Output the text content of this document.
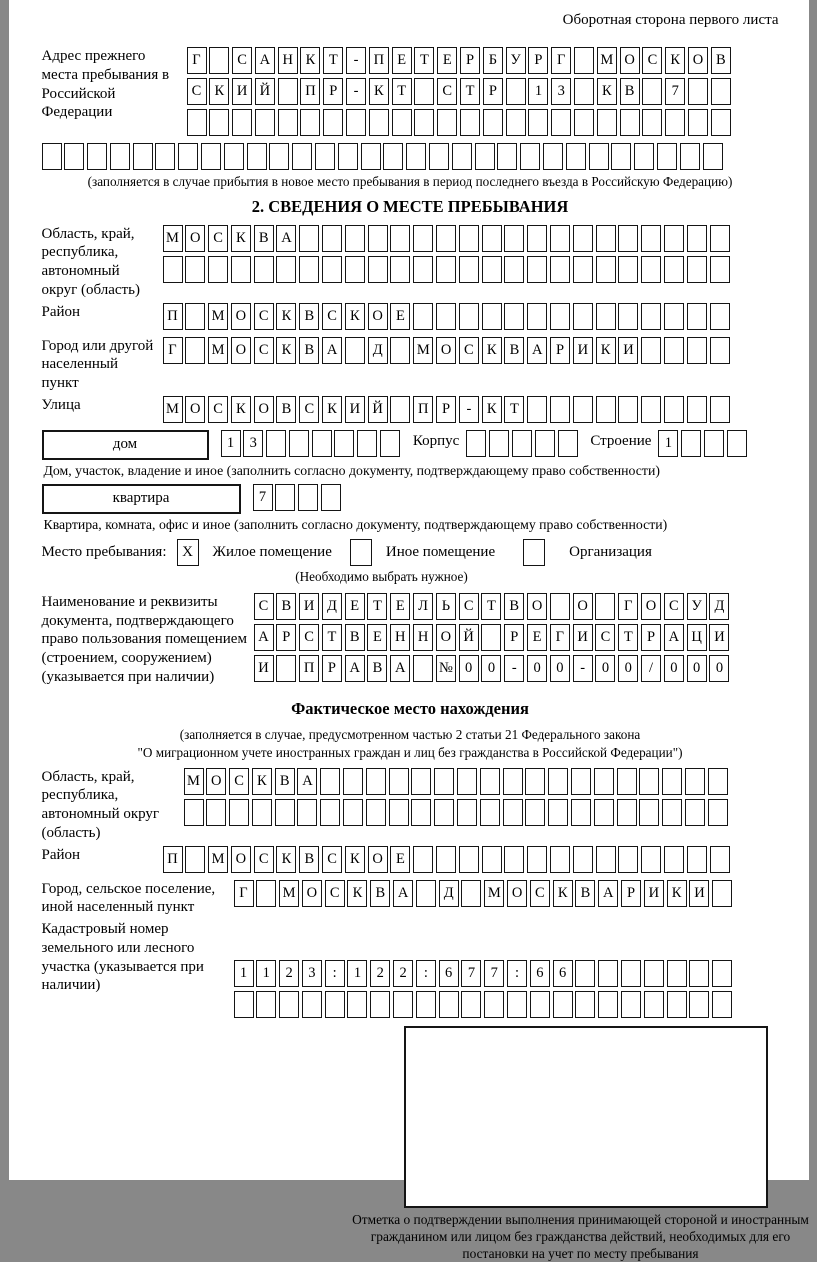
Оборотная сторона первого листа
Адрес прежнего места пребывания в Российской Федерации
Г	С А Н К Т	-	П Е Т Е Р	Б У Р	Г	М О С К О В
С К И Й	П Р	-	К Т	С Т Р	1	3	К В	7
(заполняется в случае прибытия в новое место пребывания в период последнего въезда в Российскую Федерацию)
2. СВЕДЕНИЯ О МЕСТЕ ПРЕБЫВАНИЯ
Область, край, республика, автономный округ (область)
М О С К В А
Район	П	М О С К В С К О Е
Город или другой населенный пункт
Г	М О С К В А	Д	М О С К В А Р И К И
Улица	М О С К О В С К И Й	П Р	-	К Т
дом	1	3	Корпус	Строение 1
Дом, участок, владение и иное (заполнить согласно документу, подтверждающему право собственности)
квартира	7
Квартира, комната, офис и иное (заполнить согласно документу, подтверждающему право собственности)
Место пребывания:	X	Жилое помещение	Иное помещение	Организация
(Необходимо выбрать нужное)
Наименование и реквизиты документа, подтверждающего право пользования помещением (строением, сооружением) (указывается при наличии)
С В И Д Е Т Е Л Ь С Т В О	О	Г О С У Д
А Р С Т В Е Н Н О Й	Р Е Г И С Т Р А Ц И
И	П Р А В А	№ 0	0	-	0	0	-	0	0	/	0	0	0
Фактическое место нахождения
(заполняется в случае, предусмотренном частью 2 статьи 21 Федерального закона
"О миграционном учете иностранных граждан и лиц без гражданства в Российской Федерации")
Область, край, республика, автономный округ (область)
М О С К В А
Район	П	М О С К В С К О Е
Город, сельское поселение, иной населенный пункт
Г	М О С К В А	Д	М О С К В А Р И К И
Кадастровый номер земельного или лесного участка (указывается при наличии)
1	1	2	3	:	1	2	2	:	6	7	7	:	6	6
Отметка о подтверждении выполнения принимающей стороной и иностранным гражданином или лицом без гражданства действий, необходимых для его постановки на учет по месту пребывания
